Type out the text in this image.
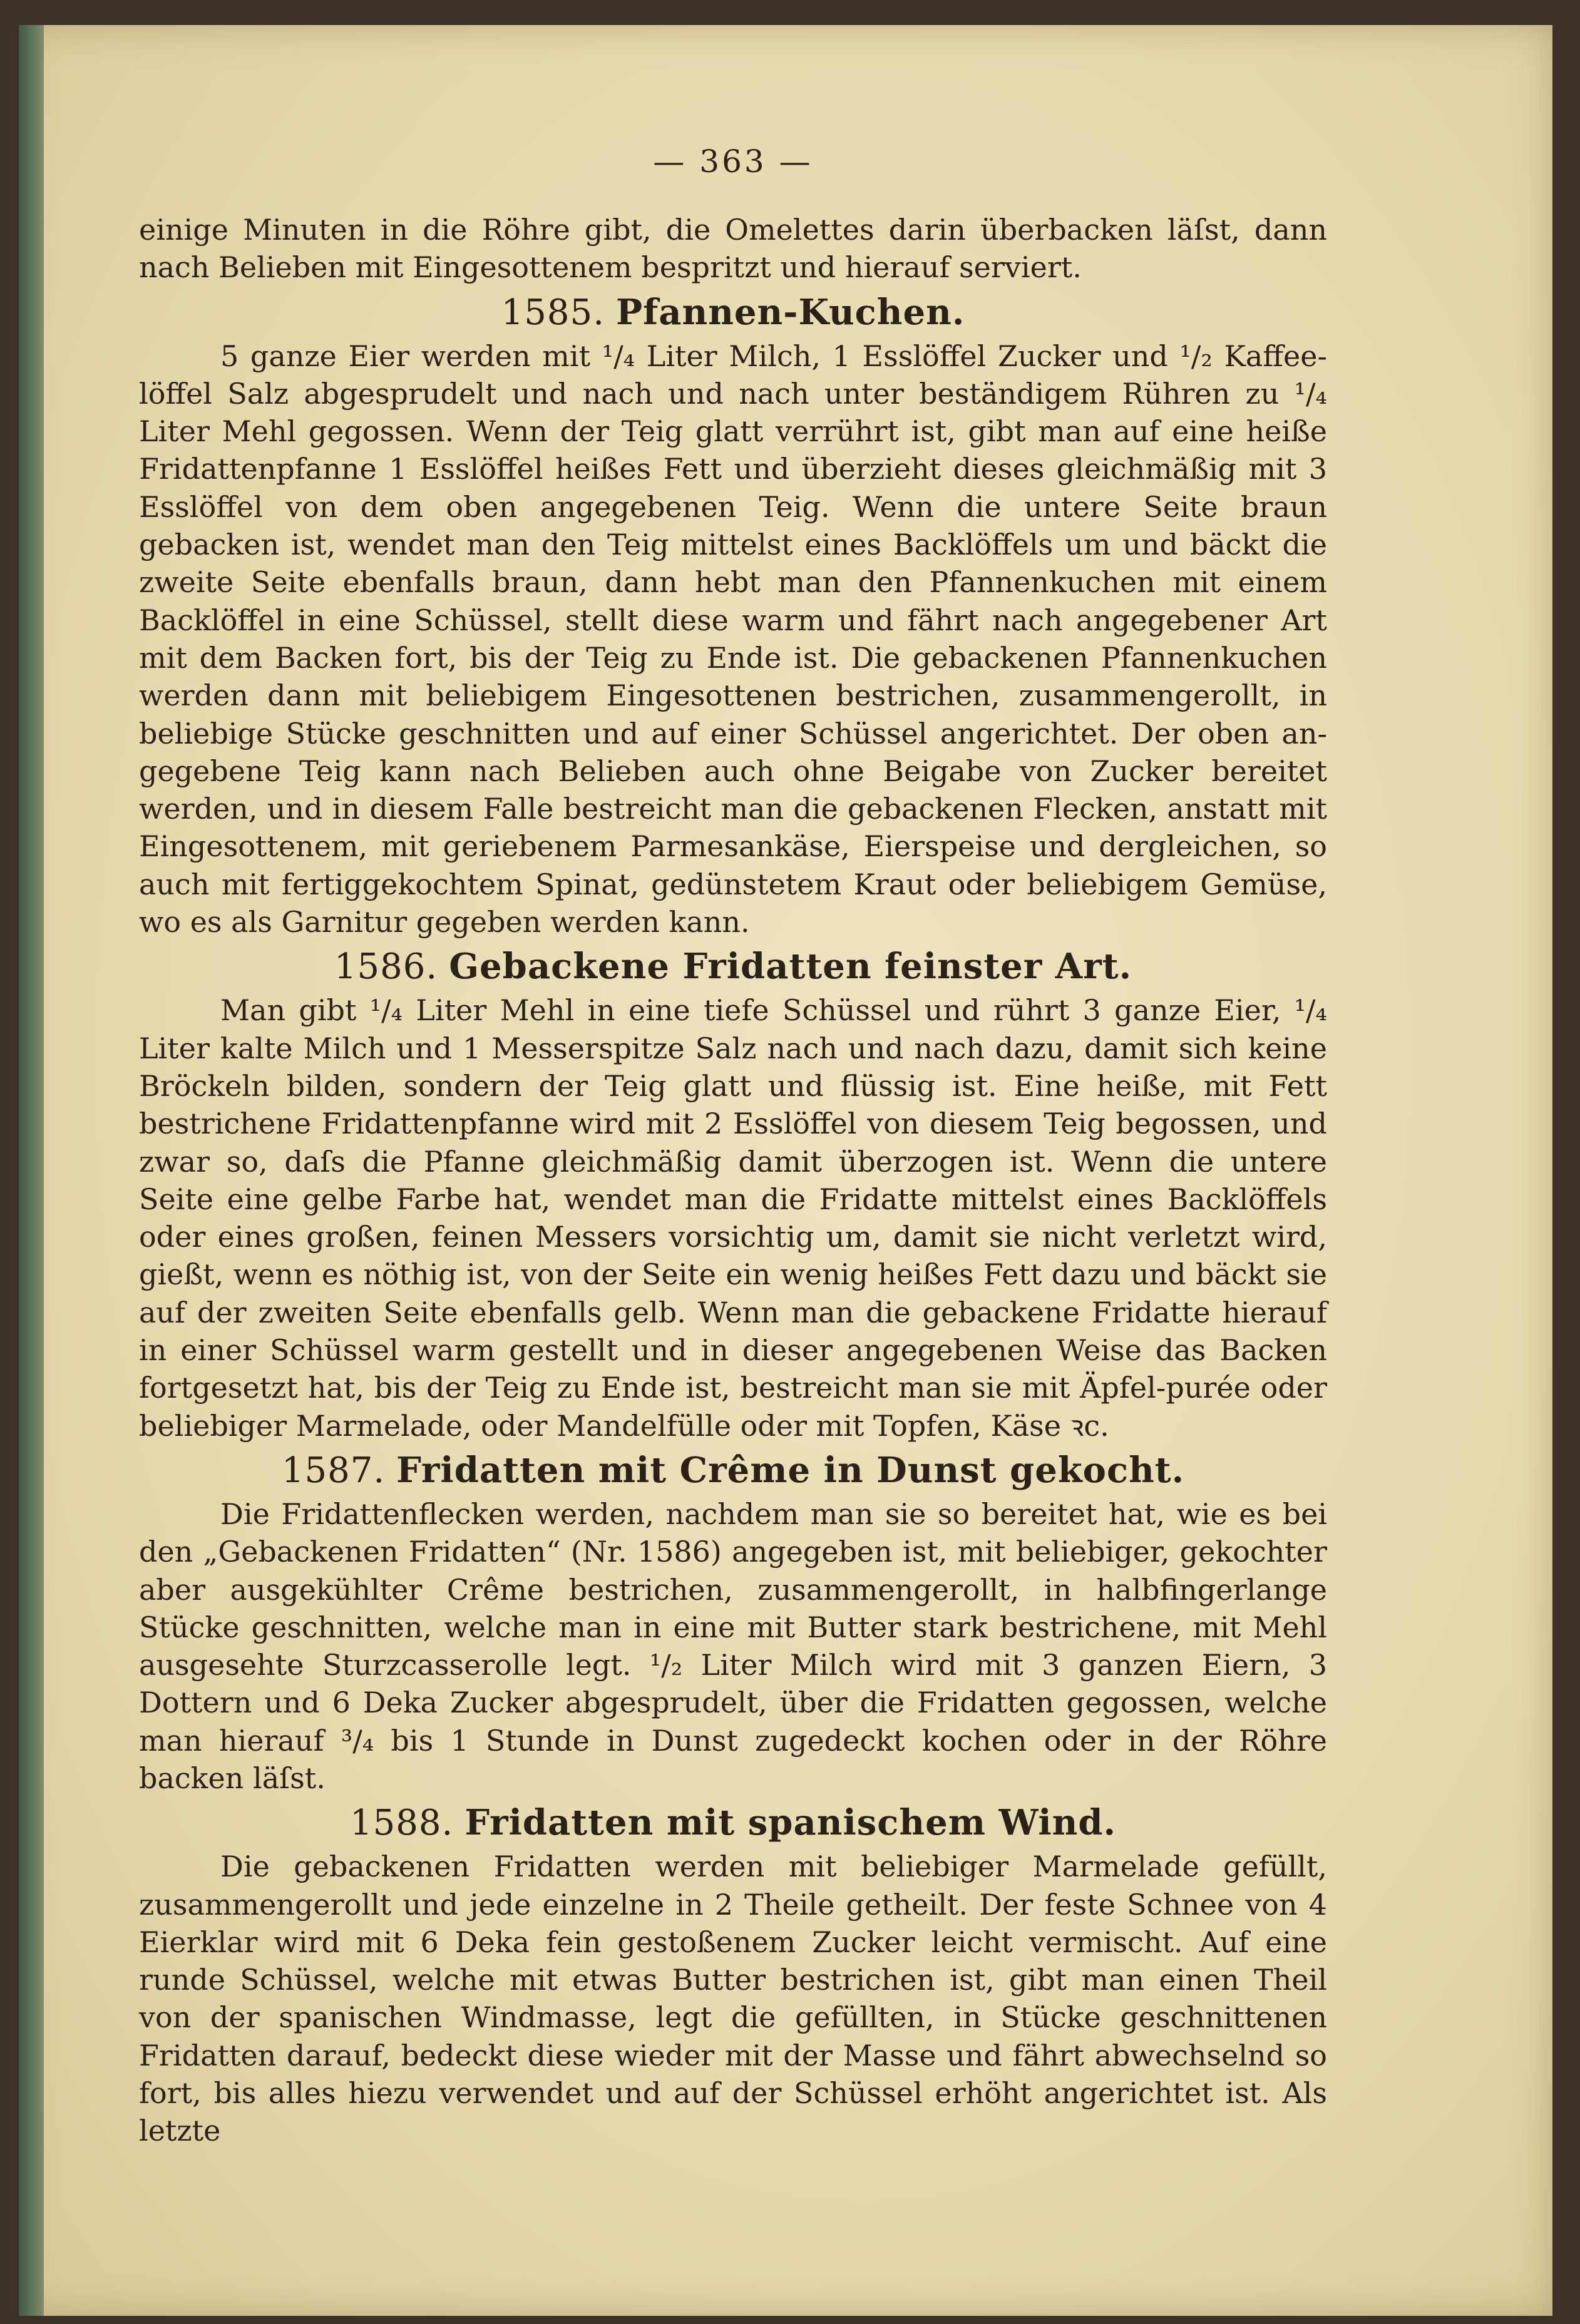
— 363 —

einige Minuten in die Röhre gibt, die Omelettes darin überbacken läſst, dann nach Belieben mit Eingesottenem bespritzt und hierauf serviert.

1585. Pfannen-Kuchen.

5 ganze Eier werden mit ¹/₄ Liter Milch, 1 Esslöffel Zucker und ¹/₂ Kaffee-löffel Salz abgesprudelt und nach und nach unter beständigem Rühren zu ¹/₄ Liter Mehl gegossen. Wenn der Teig glatt verrührt ist, gibt man auf eine heiße Fridattenpfanne 1 Esslöffel heißes Fett und überzieht dieses gleichmäßig mit 3 Esslöffel von dem oben angegebenen Teig. Wenn die untere Seite braun gebacken ist, wendet man den Teig mittelst eines Backlöffels um und bäckt die zweite Seite ebenfalls braun, dann hebt man den Pfannenkuchen mit einem Backlöffel in eine Schüssel, stellt diese warm und fährt nach angegebener Art mit dem Backen fort, bis der Teig zu Ende ist. Die gebackenen Pfannenkuchen werden dann mit beliebigem Eingesottenen bestrichen, zusammengerollt, in beliebige Stücke geschnitten und auf einer Schüssel angerichtet. Der oben an-gegebene Teig kann nach Belieben auch ohne Beigabe von Zucker bereitet werden, und in diesem Falle bestreicht man die gebackenen Flecken, anstatt mit Eingesottenem, mit geriebenem Parmesankäse, Eierspeise und dergleichen, so auch mit fertiggekochtem Spinat, gedünstetem Kraut oder beliebigem Gemüse, wo es als Garnitur gegeben werden kann.

1586. Gebackene Fridatten feinster Art.

Man gibt ¹/₄ Liter Mehl in eine tiefe Schüssel und rührt 3 ganze Eier, ¹/₄ Liter kalte Milch und 1 Messerspitze Salz nach und nach dazu, damit sich keine Bröckeln bilden, sondern der Teig glatt und flüssig ist. Eine heiße, mit Fett bestrichene Fridattenpfanne wird mit 2 Esslöffel von diesem Teig begossen, und zwar so, daſs die Pfanne gleichmäßig damit überzogen ist. Wenn die untere Seite eine gelbe Farbe hat, wendet man die Fridatte mittelst eines Backlöffels oder eines großen, feinen Messers vorsichtig um, damit sie nicht verletzt wird, gießt, wenn es nöthig ist, von der Seite ein wenig heißes Fett dazu und bäckt sie auf der zweiten Seite ebenfalls gelb. Wenn man die gebackene Fridatte hierauf in einer Schüssel warm gestellt und in dieser angegebenen Weise das Backen fortgesetzt hat, bis der Teig zu Ende ist, bestreicht man sie mit Äpfel-purée oder beliebiger Marmelade, oder Mandelfülle oder mit Topfen, Käse ꝛc.

1587. Fridatten mit Crême in Dunst gekocht.

Die Fridattenflecken werden, nachdem man sie so bereitet hat, wie es bei den „Gebackenen Fridatten“ (Nr. 1586) angegeben ist, mit beliebiger, gekochter aber ausgekühlter Crême bestrichen, zusammengerollt, in halbfingerlange Stücke geschnitten, welche man in eine mit Butter stark bestrichene, mit Mehl ausgesehte Sturzcasserolle legt. ¹/₂ Liter Milch wird mit 3 ganzen Eiern, 3 Dottern und 6 Deka Zucker abgesprudelt, über die Fridatten gegossen, welche man hierauf ³/₄ bis 1 Stunde in Dunst zugedeckt kochen oder in der Röhre backen läſst.

1588. Fridatten mit spanischem Wind.

Die gebackenen Fridatten werden mit beliebiger Marmelade gefüllt, zusammengerollt und jede einzelne in 2 Theile getheilt. Der feste Schnee von 4 Eierklar wird mit 6 Deka fein gestoßenem Zucker leicht vermischt. Auf eine runde Schüssel, welche mit etwas Butter bestrichen ist, gibt man einen Theil von der spanischen Windmasse, legt die gefüllten, in Stücke geschnittenen Fridatten darauf, bedeckt diese wieder mit der Masse und fährt abwechselnd so fort, bis alles hiezu verwendet und auf der Schüssel erhöht angerichtet ist. Als letzte
